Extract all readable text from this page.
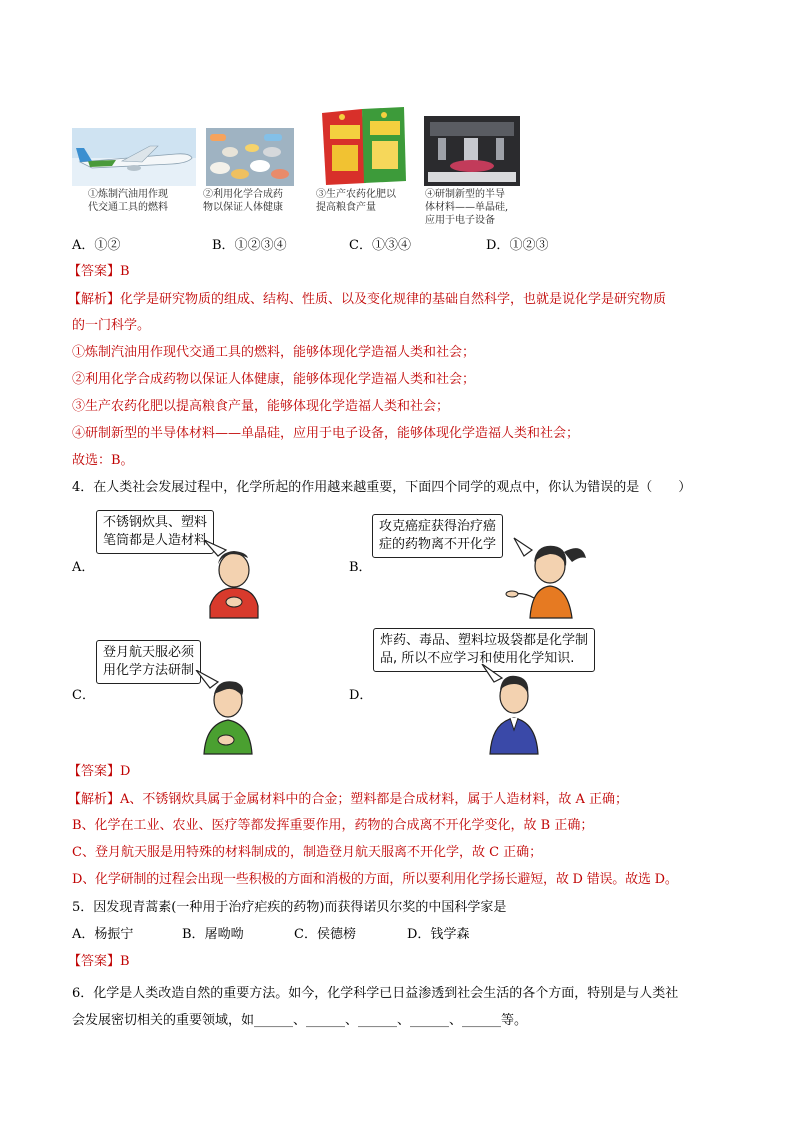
①炼制汽油用作现
代交通工具的燃料
②利用化学合成药
物以保证人体健康
③生产农药化肥以
提高粮食产量
④研制新型的半导
体材料——单晶硅,
应用于电子设备
A．①②	B．①②③④	C．①③④	D．①②③
【答案】B
【解析】化学是研究物质的组成、结构、性质、以及变化规律的基础自然科学，也就是说化学是研究物质
的一门科学。
①炼制汽油用作现代交通工具的燃料，能够体现化学造福人类和社会；
②利用化学合成药物以保证人体健康，能够体现化学造福人类和社会；
③生产农药化肥以提高粮食产量，能够体现化学造福人类和社会；
④研制新型的半导体材料——单晶硅，应用于电子设备，能够体现化学造福人类和社会；
故选：B。
4．在人类社会发展过程中，化学所起的作用越来越重要，下面四个同学的观点中，你认为错误的是（　　）
A．
不锈钢炊具、塑料
笔筒都是人造材料
B．
攻克癌症获得治疗癌
症的药物离不开化学
C．
登月航天服必须
用化学方法研制
D．
炸药、毒品、塑料垃圾袋都是化学制
品, 所以不应学习和使用化学知识.
【答案】D
【解析】A、不锈钢炊具属于金属材料中的合金；塑料都是合成材料，属于人造材料，故 A 正确；
B、化学在工业、农业、医疗等都发挥重要作用，药物的合成离不开化学变化，故 B 正确；
C、登月航天服是用特殊的材料制成的，制造登月航天服离不开化学，故 C 正确；
D、化学研制的过程会出现一些积极的方面和消极的方面，所以要利用化学扬长避短，故 D 错误。故选 D。
5．因发现青蒿素(一种用于治疗疟疾的药物)而获得诺贝尔奖的中国科学家是
A．杨振宁	B．屠呦呦	C．侯德榜	D．钱学森
【答案】B
6．化学是人类改造自然的重要方法。如今，化学科学已日益渗透到社会生活的各个方面，特别是与人类社
会发展密切相关的重要领域，如______、______、______、______、______等。
